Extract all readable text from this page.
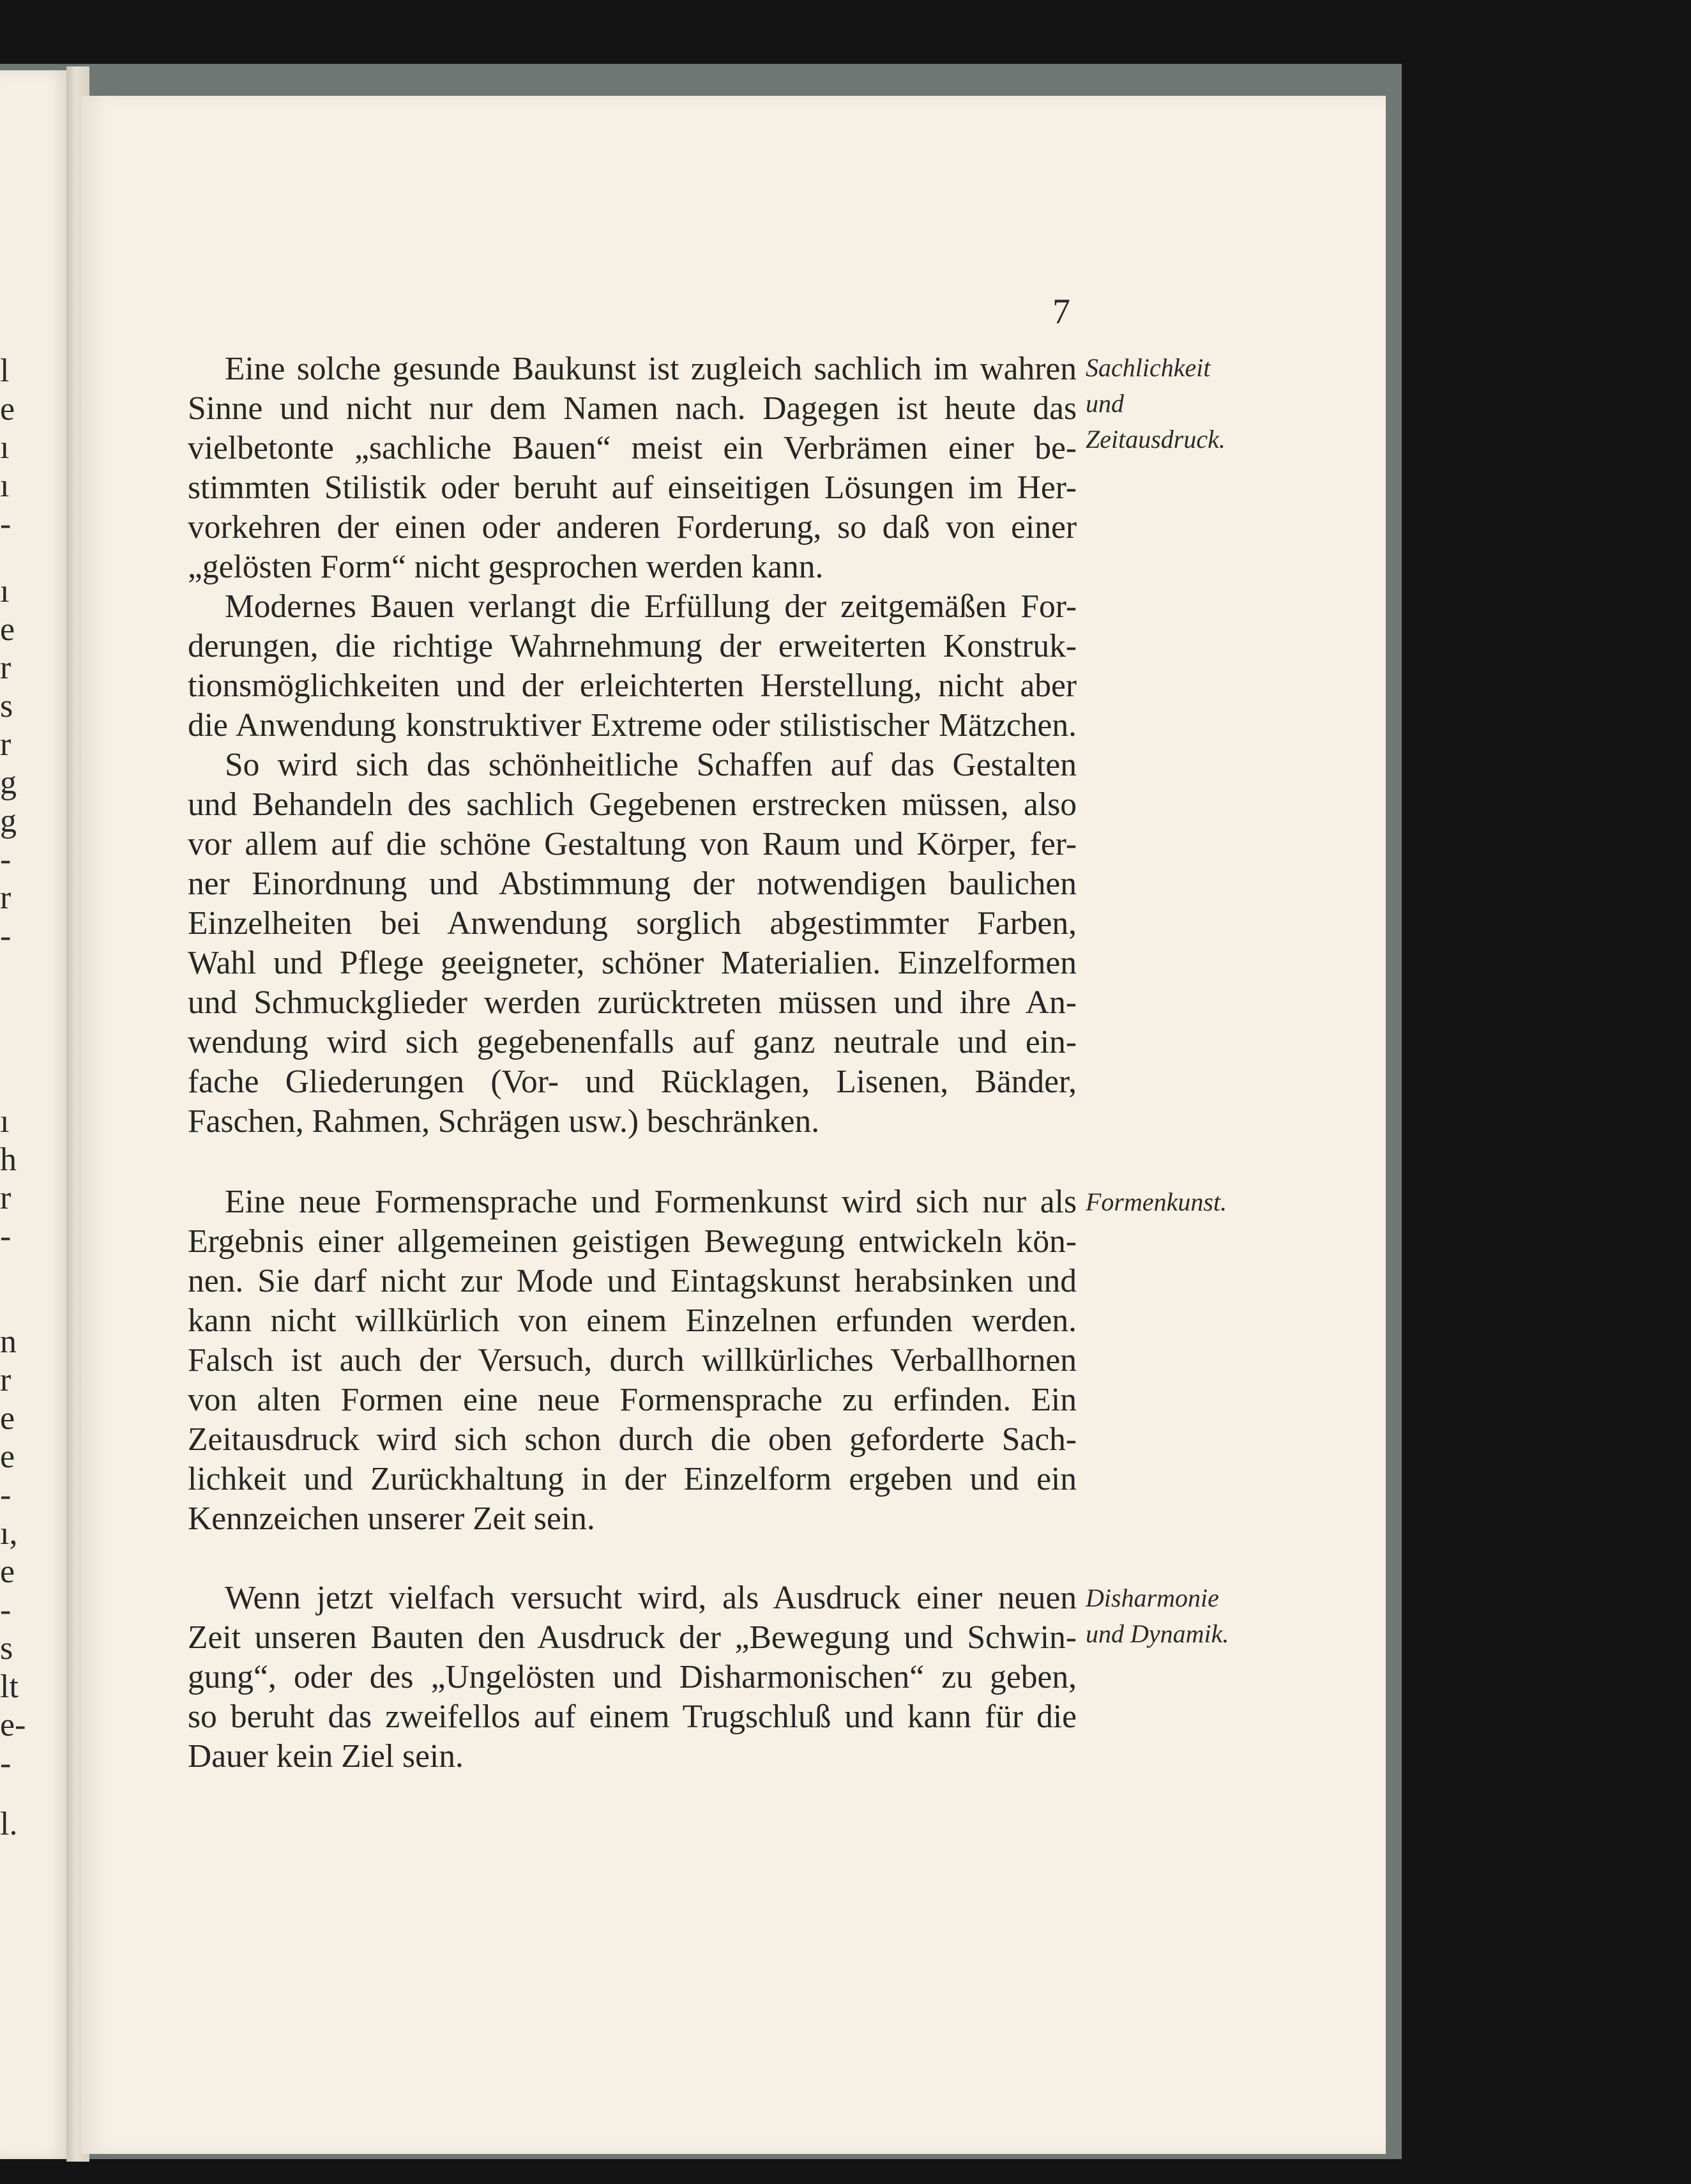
l
e
ı
ı
-
ı
e
r
s
r
g
g
-
r
-
ı
h
r
-
n
r
e
e
-
ı,
e
-
s
lt
e-
-
l.
7
Eine solche gesunde Baukunst ist zugleich sachlich im wahren
Sinne und nicht nur dem Namen nach. Dagegen ist heute das
vielbetonte „sachliche Bauen“ meist ein Verbrämen einer be-
stimmten Stilistik oder beruht auf einseitigen Lösungen im Her-
vorkehren der einen oder anderen Forderung, so daß von einer
„gelösten Form“ nicht gesprochen werden kann.
Modernes Bauen verlangt die Erfüllung der zeitgemäßen For-
derungen, die richtige Wahrnehmung der erweiterten Konstruk-
tionsmöglichkeiten und der erleichterten Herstellung, nicht aber
die Anwendung konstruktiver Extreme oder stilistischer Mätzchen.
So wird sich das schönheitliche Schaffen auf das Gestalten
und Behandeln des sachlich Gegebenen erstrecken müssen, also
vor allem auf die schöne Gestaltung von Raum und Körper, fer-
ner Einordnung und Abstimmung der notwendigen baulichen
Einzelheiten bei Anwendung sorglich abgestimmter Farben,
Wahl und Pflege geeigneter, schöner Materialien. Einzelformen
und Schmuckglieder werden zurücktreten müssen und ihre An-
wendung wird sich gegebenenfalls auf ganz neutrale und ein-
fache Gliederungen (Vor- und Rücklagen, Lisenen, Bänder,
Faschen, Rahmen, Schrägen usw.) beschränken.
Eine neue Formensprache und Formenkunst wird sich nur als
Ergebnis einer allgemeinen geistigen Bewegung entwickeln kön-
nen. Sie darf nicht zur Mode und Eintagskunst herabsinken und
kann nicht willkürlich von einem Einzelnen erfunden werden.
Falsch ist auch der Versuch, durch willkürliches Verballhornen
von alten Formen eine neue Formensprache zu erfinden. Ein
Zeitausdruck wird sich schon durch die oben geforderte Sach-
lichkeit und Zurückhaltung in der Einzelform ergeben und ein
Kennzeichen unserer Zeit sein.
Wenn jetzt vielfach versucht wird, als Ausdruck einer neuen
Zeit unseren Bauten den Ausdruck der „Bewegung und Schwin-
gung“, oder des „Ungelösten und Disharmonischen“ zu geben,
so beruht das zweifellos auf einem Trugschluß und kann für die
Dauer kein Ziel sein.
Sachlichkeit
und
Zeitausdruck.
Formenkunst.
Disharmonie
und Dynamik.
